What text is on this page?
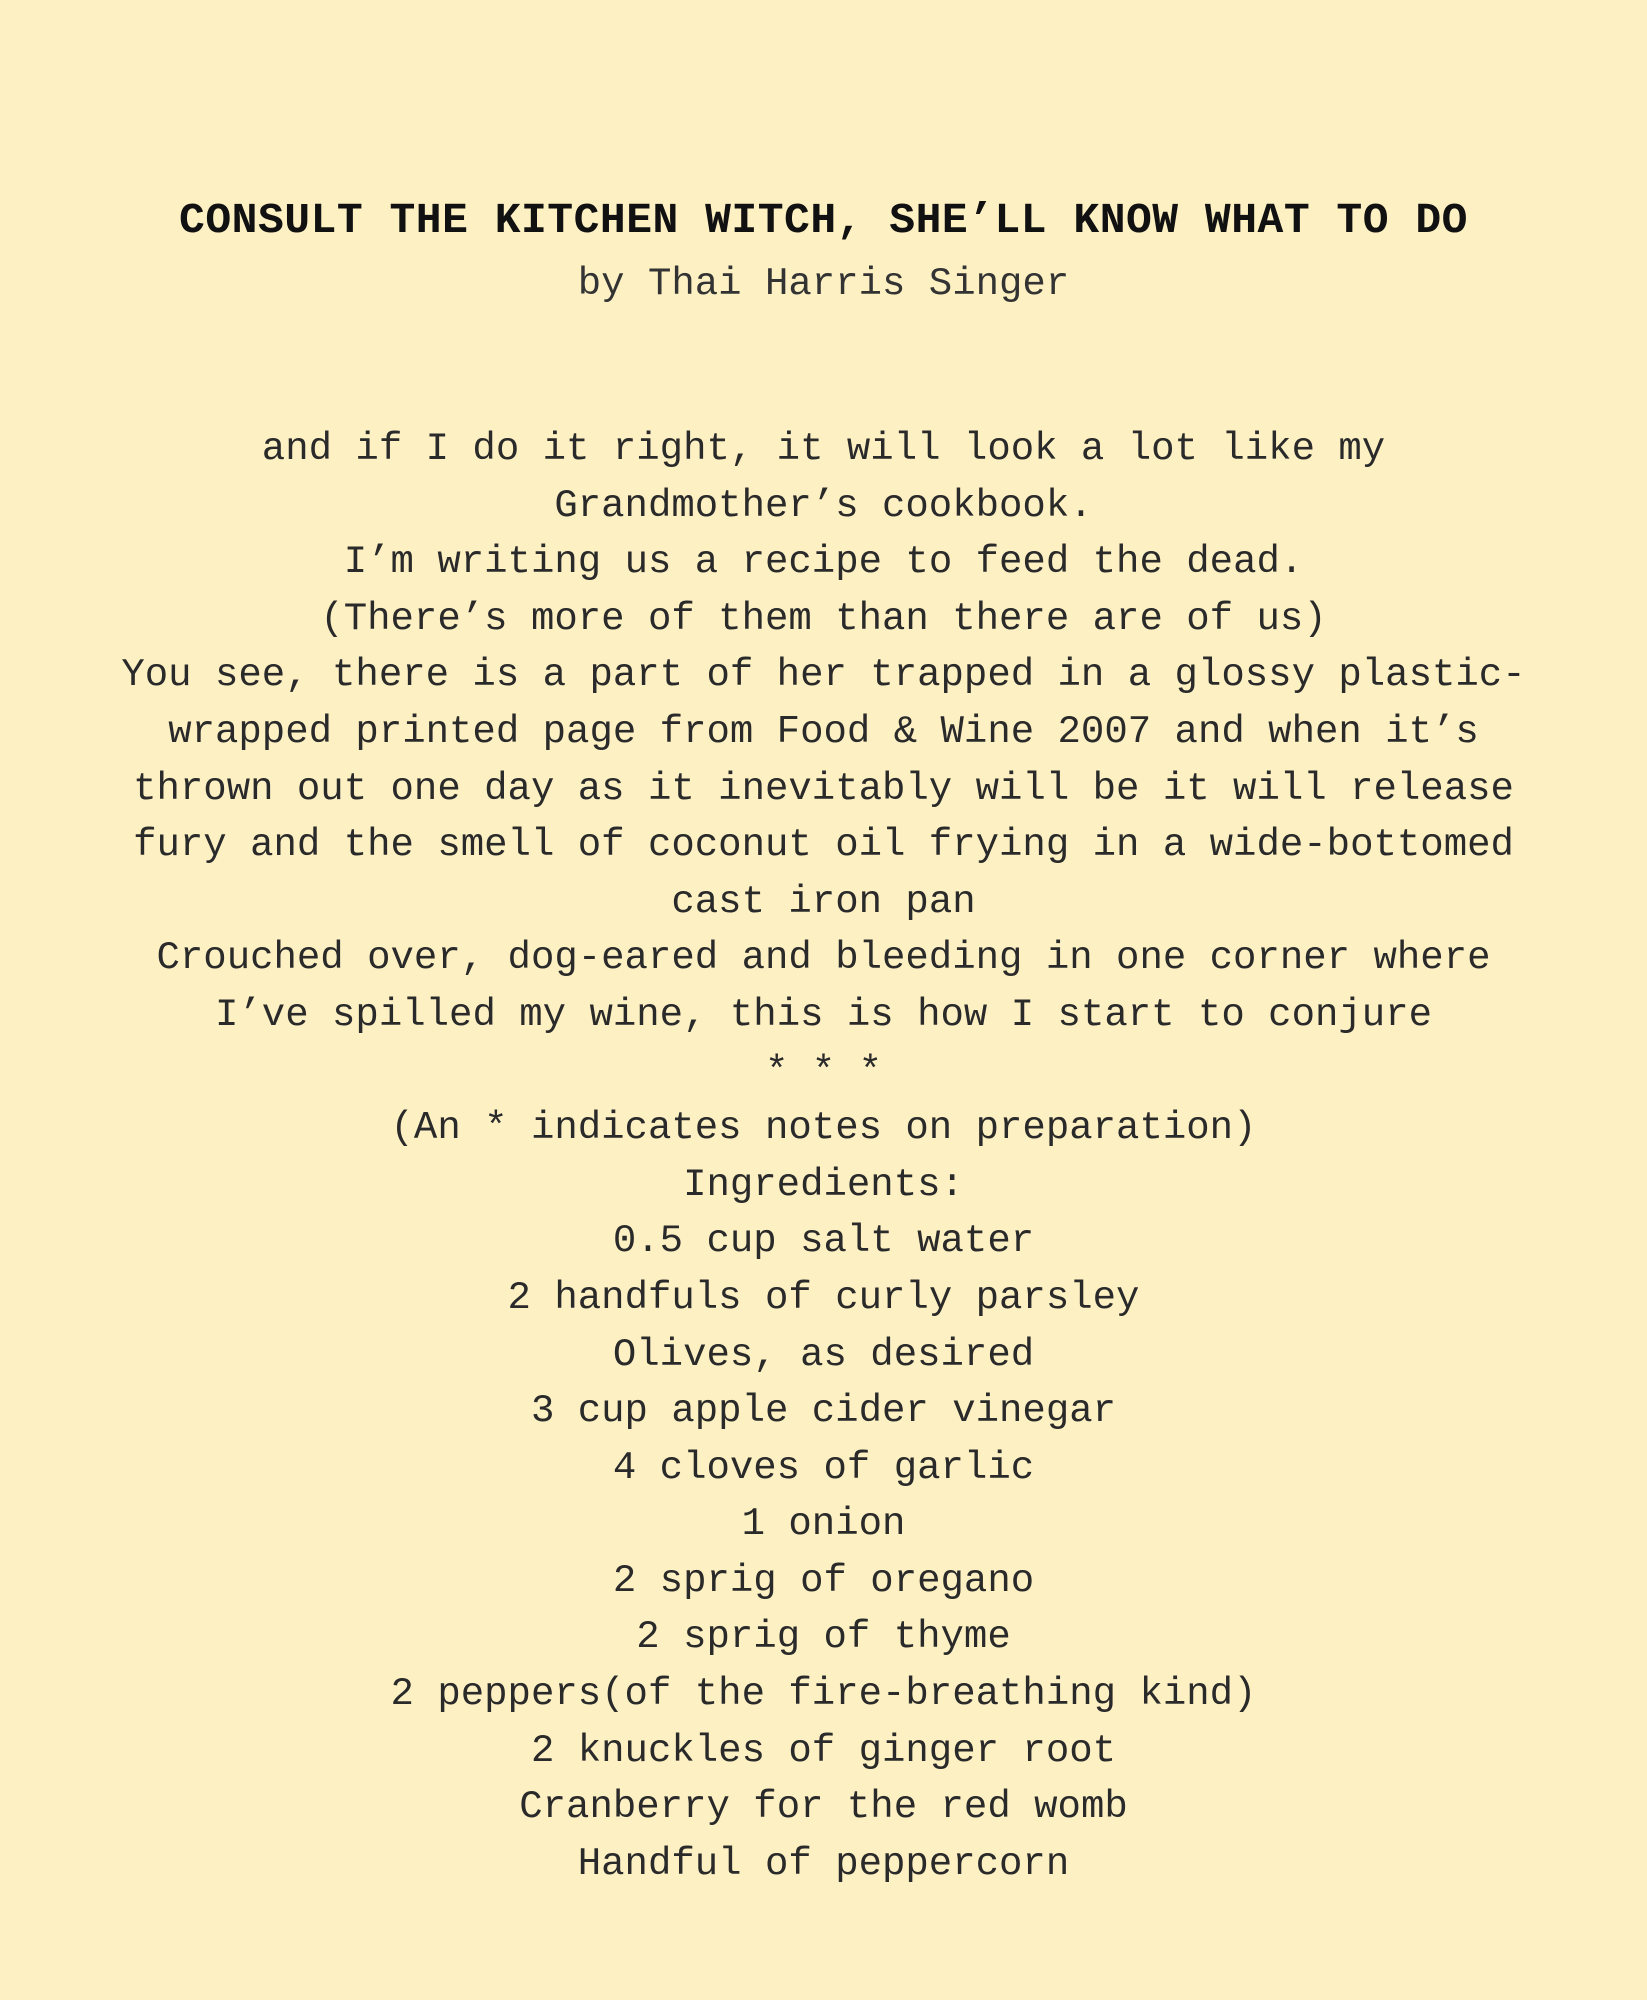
CONSULT THE KITCHEN WITCH, SHE’LL KNOW WHAT TO DO
by Thai Harris Singer
and if I do it right, it will look a lot like my
Grandmother’s cookbook.
I’m writing us a recipe to feed the dead.
(There’s more of them than there are of us)
You see, there is a part of her trapped in a glossy plastic-
wrapped printed page from Food & Wine 2007 and when it’s
thrown out one day as it inevitably will be it will release
fury and the smell of coconut oil frying in a wide-bottomed
cast iron pan
Crouched over, dog-eared and bleeding in one corner where
I’ve spilled my wine, this is how I start to conjure
* * *
(An * indicates notes on preparation)
Ingredients:
0.5 cup salt water
2 handfuls of curly parsley
Olives, as desired
3 cup apple cider vinegar
4 cloves of garlic
1 onion
2 sprig of oregano
2 sprig of thyme
2 peppers(of the fire-breathing kind)
2 knuckles of ginger root
Cranberry for the red womb
Handful of peppercorn
